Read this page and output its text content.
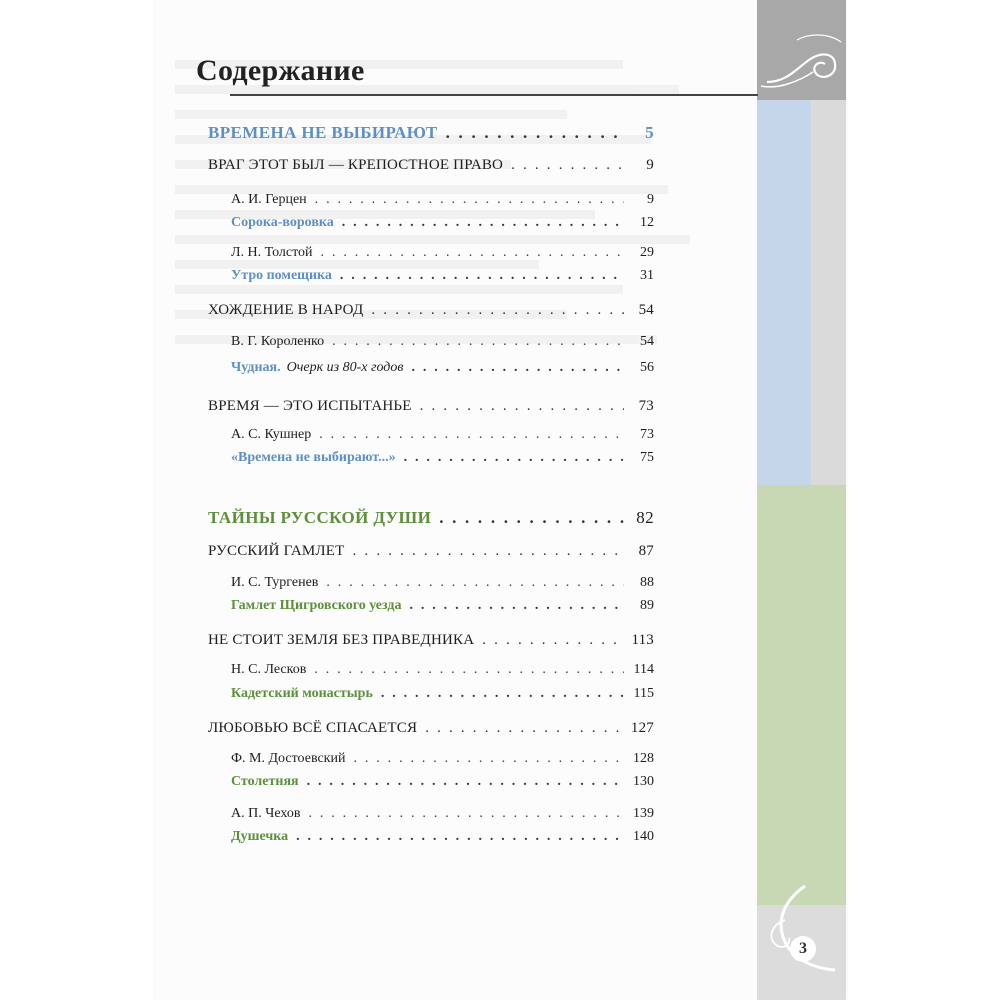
Содержание
ВРЕМЕНА НЕ ВЫБИРАЮТ . . .	5
ВРАГ ЭТОТ БЫЛ — КРЕПОСТНОЕ ПРАВО . . .	9
А. И. Герцен . . .	9
Сорока-воровка . . .	12
Л. Н. Толстой . . .	29
Утро помещика . . .	31
ХОЖДЕНИЕ В НАРОД . . .	54
В. Г. Короленко . . .	54
Чудная. Очерк из 80-х годов . . .	56
ВРЕМЯ — ЭТО ИСПЫТАНЬЕ . . .	73
А. С. Кушнер . . .	73
«Времена не выбирают...» . . .	75
ТАЙНЫ РУССКОЙ ДУШИ . . .	82
РУССКИЙ ГАМЛЕТ . . .	87
И. С. Тургенев . . .	88
Гамлет Щигровского уезда . . .	89
НЕ СТОИТ ЗЕМЛЯ БЕЗ ПРАВЕДНИКА . . .	113
Н. С. Лесков . . .	114
Кадетский монастырь . . .	115
ЛЮБОВЬЮ ВСЁ СПАСАЕТСЯ . . .	127
Ф. М. Достоевский . . .	128
Столетняя . . .	130
А. П. Чехов . . .	139
Душечка . . .	140
3
